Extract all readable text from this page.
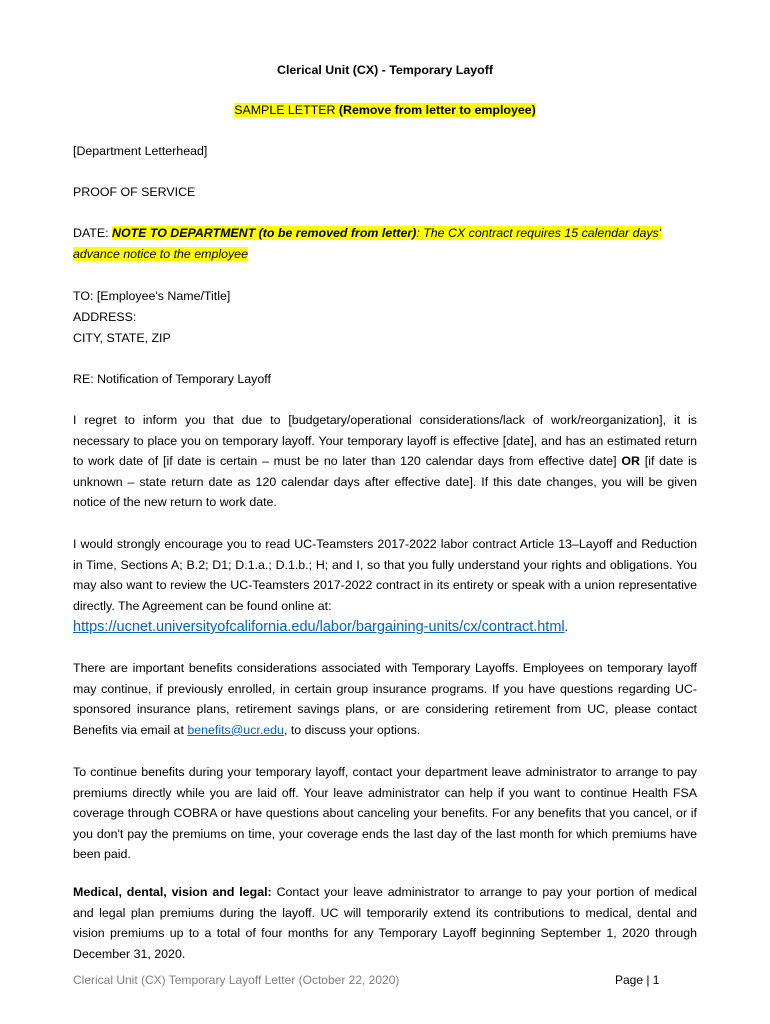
Clerical Unit (CX) - Temporary Layoff

SAMPLE LETTER (Remove from letter to employee)

[Department Letterhead]

PROOF OF SERVICE

DATE: NOTE TO DEPARTMENT (to be removed from letter): The CX contract requires 15 calendar days' advance notice to the employee

TO: [Employee's Name/Title]

ADDRESS:

CITY, STATE, ZIP

RE: Notification of Temporary Layoff

I regret to inform you that due to [budgetary/operational considerations/lack of work/reorganization], it is necessary to place you on temporary layoff. Your temporary layoff is effective [date], and has an estimated return to work date of [if date is certain – must be no later than 120 calendar days from effective date] OR [if date is unknown – state return date as 120 calendar days after effective date]. If this date changes, you will be given notice of the new return to work date.

I would strongly encourage you to read UC-Teamsters 2017-2022 labor contract Article 13–Layoff and Reduction in Time, Sections A; B.2; D1; D.1.a.; D.1.b.; H; and I, so that you fully understand your rights and obligations. You may also want to review the UC-Teamsters 2017-2022 contract in its entirety or speak with a union representative directly. The Agreement can be found online at:

https://ucnet.universityofcalifornia.edu/labor/bargaining-units/cx/contract.html.

There are important benefits considerations associated with Temporary Layoffs. Employees on temporary layoff may continue, if previously enrolled, in certain group insurance programs. If you have questions regarding UC-sponsored insurance plans, retirement savings plans, or are considering retirement from UC, please contact Benefits via email at benefits@ucr.edu, to discuss your options.

To continue benefits during your temporary layoff, contact your department leave administrator to arrange to pay premiums directly while you are laid off. Your leave administrator can help if you want to continue Health FSA coverage through COBRA or have questions about canceling your benefits. For any benefits that you cancel, or if you don't pay the premiums on time, your coverage ends the last day of the last month for which premiums have been paid.

Medical, dental, vision and legal: Contact your leave administrator to arrange to pay your portion of medical and legal plan premiums during the layoff. UC will temporarily extend its contributions to medical, dental and vision premiums up to a total of four months for any Temporary Layoff beginning September 1, 2020 through December 31, 2020.

Clerical Unit (CX) Temporary Layoff Letter (October 22, 2020)	Page | 1
